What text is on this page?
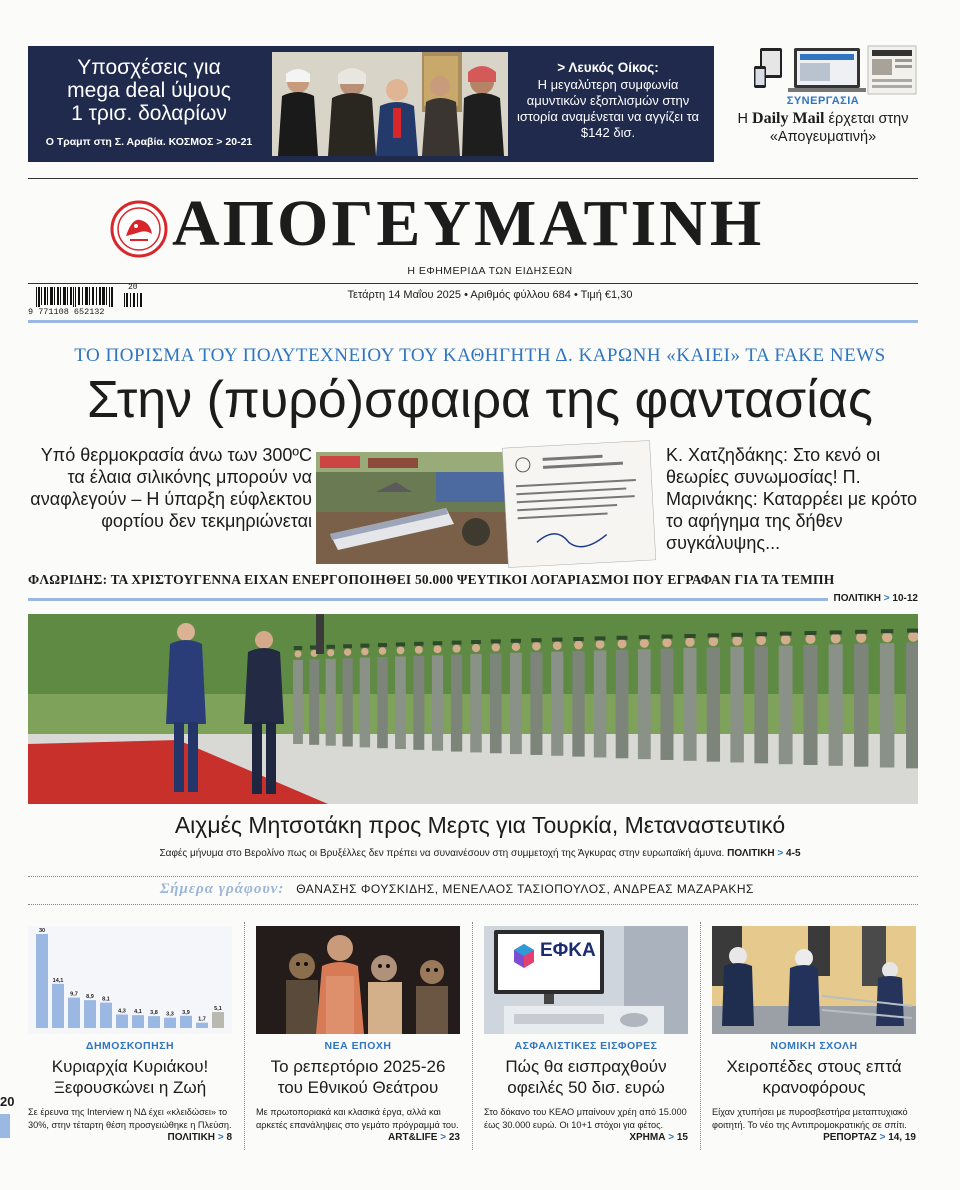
Υποσχέσεις για
mega deal ύψους
1 τρισ. δολαρίων
Ο Τραμπ στη Σ. Αραβία. ΚΟΣΜΟΣ > 20-21
> Λευκός Οίκος:
Η μεγαλύτερη συμφωνία αμυντικών εξοπλισμών στην ιστορία αναμένεται να αγγίζει τα $142 δισ.
ΣΥΝΕΡΓΑΣΙΑ
Η Daily Mail έρχεται στην «Απογευματινή»
ΑΠΟΓΕΥΜΑΤΙΝΗ
Η ΕΦΗΜΕΡΙΔΑ ΤΩΝ ΕΙΔΗΣΕΩΝ
20
9 771108 652132
Τετάρτη 14 Μαΐου 2025 • Αριθμός φύλλου 684 • Τιμή €1,30
ΤΟ ΠΟΡΙΣΜΑ ΤΟΥ ΠΟΛΥΤΕΧΝΕΙΟΥ ΤΟΥ ΚΑΘΗΓΗΤΗ Δ. ΚΑΡΩΝΗ «ΚΑΙΕΙ» ΤΑ FAKE NEWS
Στην (πυρό)σφαιρα της φαντασίας
Υπό θερμοκρασία άνω των 300ºC τα έλαια σιλικόνης μπορούν να αναφλεγούν – Η ύπαρξη εύφλεκτου φορτίου δεν τεκμηριώνεται
Κ. Χατζηδάκης: Στο κενό οι θεωρίες συνωμοσίας! Π. Μαρινάκης: Καταρρέει με κρότο το αφήγημα της δήθεν συγκάλυψης...
ΦΛΩΡΙΔΗΣ: ΤΑ ΧΡΙΣΤΟΥΓΕΝΝΑ ΕΙΧΑΝ ΕΝΕΡΓΟΠΟΙΗΘΕΙ 50.000 ΨΕΥΤΙΚΟΙ ΛΟΓΑΡΙΑΣΜΟΙ ΠΟΥ ΕΓΡΑΦΑΝ ΓΙΑ ΤΑ ΤΕΜΠΗ
ΠΟΛΙΤΙΚΗ > 10-12
Αιχμές Μητσοτάκη προς Μερτς για Τουρκία, Μεταναστευτικό
Σαφές μήνυμα στο Βερολίνο πως οι Βρυξέλλες δεν πρέπει να συναινέσουν στη συμμετοχή της Άγκυρας στην ευρωπαϊκή άμυνα. ΠΟΛΙΤΙΚΗ > 4-5
Σήμερα γράφουν: ΘΑΝΑΣΗΣ ΦΟΥΣΚΙΔΗΣ, ΜΕΝΕΛΑΟΣ ΤΑΣΙΟΠΟΥΛΟΣ, ΑΝΔΡΕΑΣ ΜΑΖΑΡΑΚΗΣ
30
14,1
9,7 8,9 8,1
4,3 4,1 3,8 3,3 3,9
1,7
5,1
ΔΗΜΟΣΚΟΠΗΣΗ
Κυριαρχία Κυριάκου! Ξεφουσκώνει η Ζωή
Σε έρευνα της Interview η ΝΔ έχει «κλειδώσει» το 30%, στην τέταρτη θέση προσγειώθηκε η Πλεύση.
ΠΟΛΙΤΙΚΗ > 8
ΝΕΑ ΕΠΟΧΗ
Το ρεπερτόριο 2025-26 του Εθνικού Θεάτρου
Με πρωτοποριακά και κλασικά έργα, αλλά και αρκετές επανάληψεις στο γεμάτο πρόγραμμά του.
ART&LIFE > 23
ΕΦΚΑ
ΑΣΦΑΛΙΣΤΙΚΕΣ ΕΙΣΦΟΡΕΣ
Πώς θα εισπραχθούν οφειλές 50 δισ. ευρώ
Στο δόκανο του ΚΕΑΟ μπαίνουν χρέη από 15.000 έως 30.000 ευρώ. Οι 10+1 στόχοι για φέτος.
ΧΡΗΜΑ > 15
ΝΟΜΙΚΗ ΣΧΟΛΗ
Χειροπέδες στους επτά κρανοφόρους
Είχαν χτυπήσει με πυροσβεστήρα μεταπτυχιακό φοιτητή. Το νέο της Αντιπρομοκρατικής σε σπίτι.
ΡΕΠΟΡΤΑΖ > 14, 19
20
